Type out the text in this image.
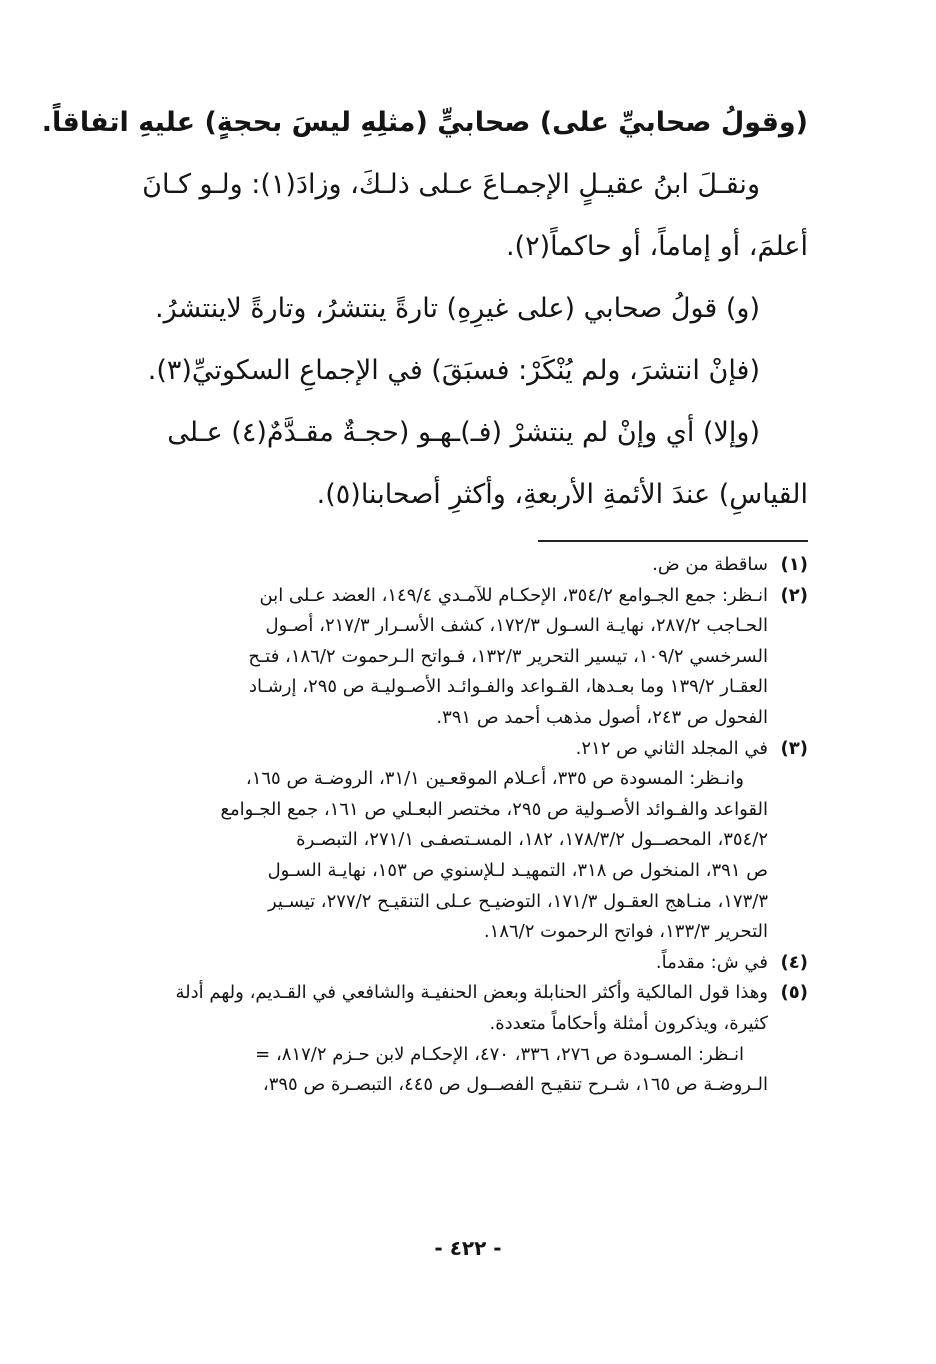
(وقولُ صحابيِّ على) صحابيٍّ (مثلِهِ ليسَ بحجةٍ) عليهِ اتفاقاً.
ونقـلَ ابنُ عقيـلٍ الإجمـاعَ عـلى ذلـكَ، وزادَ(١): ولـو كـانَ
أعلمَ، أو إماماً، أو حاكماً(٢).
(و) قولُ صحابي (على غيرِهِ) تارةً ينتشرُ، وتارةً لاينتشرُ.
(فإنْ انتشرَ، ولم يُنْكَرْ: فسبَقَ) في الإجماعِ السكوتيِّ(٣).
(وإلا) أي وإنْ لم ينتشرْ (فـ)ـهـو (حجـةٌ مقـدَّمٌ(٤) عـلى
القياسِ) عندَ الأئمةِ الأربعةِ، وأكثرِ أصحابنا(٥).
(١)ساقطة من ض.
(٢)انـظر: جمع الجـوامع ٣٥٤/٢، الإحكـام للآمـدي ١٤٩/٤، العضد عـلى ابن
الحـاجب ٢٨٧/٢، نهايـة السـول ١٧٢/٣، كشف الأسـرار ٢١٧/٣، أصـول
السرخسي ١٠٩/٢، تيسير التحرير ١٣٢/٣، فـواتح الـرحموت ١٨٦/٢، فتـح
العقـار ١٣٩/٢ وما بعـدها، القـواعد والفـوائـد الأصـوليـة ص ٢٩٥، إرشـاد
الفحول ص ٢٤٣، أصول مذهب أحمد ص ٣٩١.
(٣)في المجلد الثاني ص ٢١٢.
وانـظر: المسودة ص ٣٣٥، أعـلام الموقعـين ٣١/١، الروضـة ص ١٦٥،
القواعد والفـوائد الأصـولية ص ٢٩٥، مختصر البعـلي ص ١٦١، جمع الجـوامع
٣٥٤/٢، المحصــول ١٧٨/٣/٢، ١٨٢، المسـتصفـى ٢٧١/١، التبصـرة
ص ٣٩١، المنخول ص ٣١٨، التمهيـد لـلإسنوي ص ١٥٣، نهايـة السـول
١٧٣/٣، منـاهج العقـول ١٧١/٣، التوضيـح عـلى التنقيـح ٢٧٧/٢، تيسـير
التحرير ١٣٣/٣، فواتح الرحموت ١٨٦/٢.
(٤)في ش: مقدماً.
(٥)وهذا قول المالكية وأكثر الحنابلة وبعض الحنفيـة والشافعي في القـديم، ولهم أدلة
كثيرة، ويذكرون أمثلة وأحكاماً متعددة.
انـظر: المسـودة ص ٢٧٦، ٣٣٦، ٤٧٠، الإحكـام لابن حـزم ٨١٧/٢، =
الـروضـة ص ١٦٥، شـرح تنقيـح الفصــول ص ٤٤٥، التبصـرة ص ٣٩٥،
- ٤٢٢ -
